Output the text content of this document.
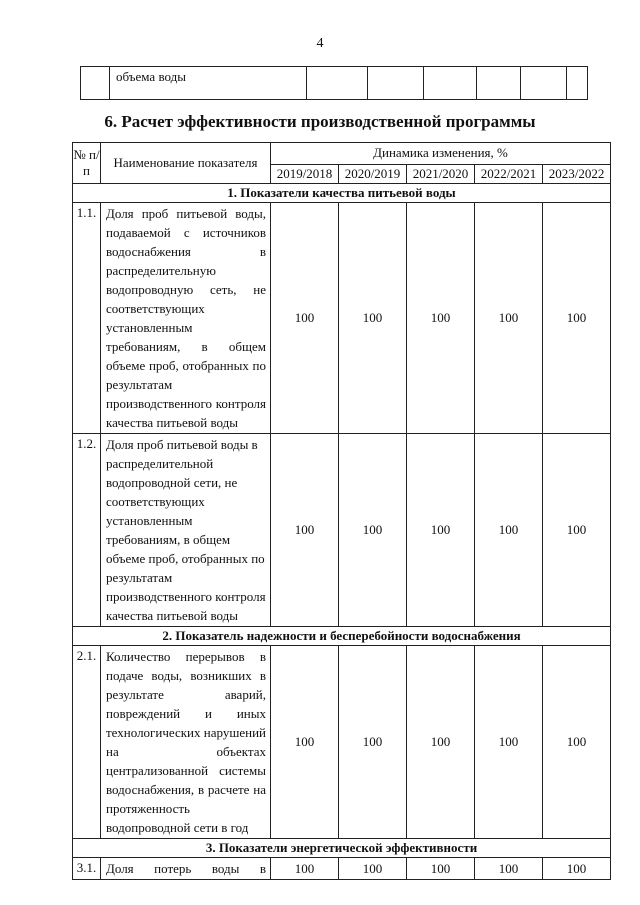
4
	объема воды						
6. Расчет эффективности производственной программы
№ п/п	Наименование показателя	Динамика изменения, %				
		2019/2018	2020/2019	2021/2020	2022/2021	2023/2022
1. Показатели качества питьевой воды						
1.1.	Доля проб питьевой воды, подаваемой с источников водоснабжения в распределительную водопроводную сеть, не соответствующих установленным требованиям, в общем объеме проб, отобранных по результатам производственного контроля качества питьевой воды	100	100	100	100	100
1.2.	Доля проб питьевой воды в распределительной водопроводной сети, не соответствующих установленным требованиям, в общем объеме проб, отобранных по результатам производственного контроля качества питьевой воды	100	100	100	100	100
2. Показатель надежности и бесперебойности водоснабжения						
2.1.	Количество перерывов в подаче воды, возникших в результате аварий, повреждений и иных технологических нарушений на объектах централизованной системы водоснабжения, в расчете на протяженность водопроводной сети в год	100	100	100	100	100
3. Показатели энергетической эффективности						
3.1.	Доля потерь воды в	100	100	100	100	100
